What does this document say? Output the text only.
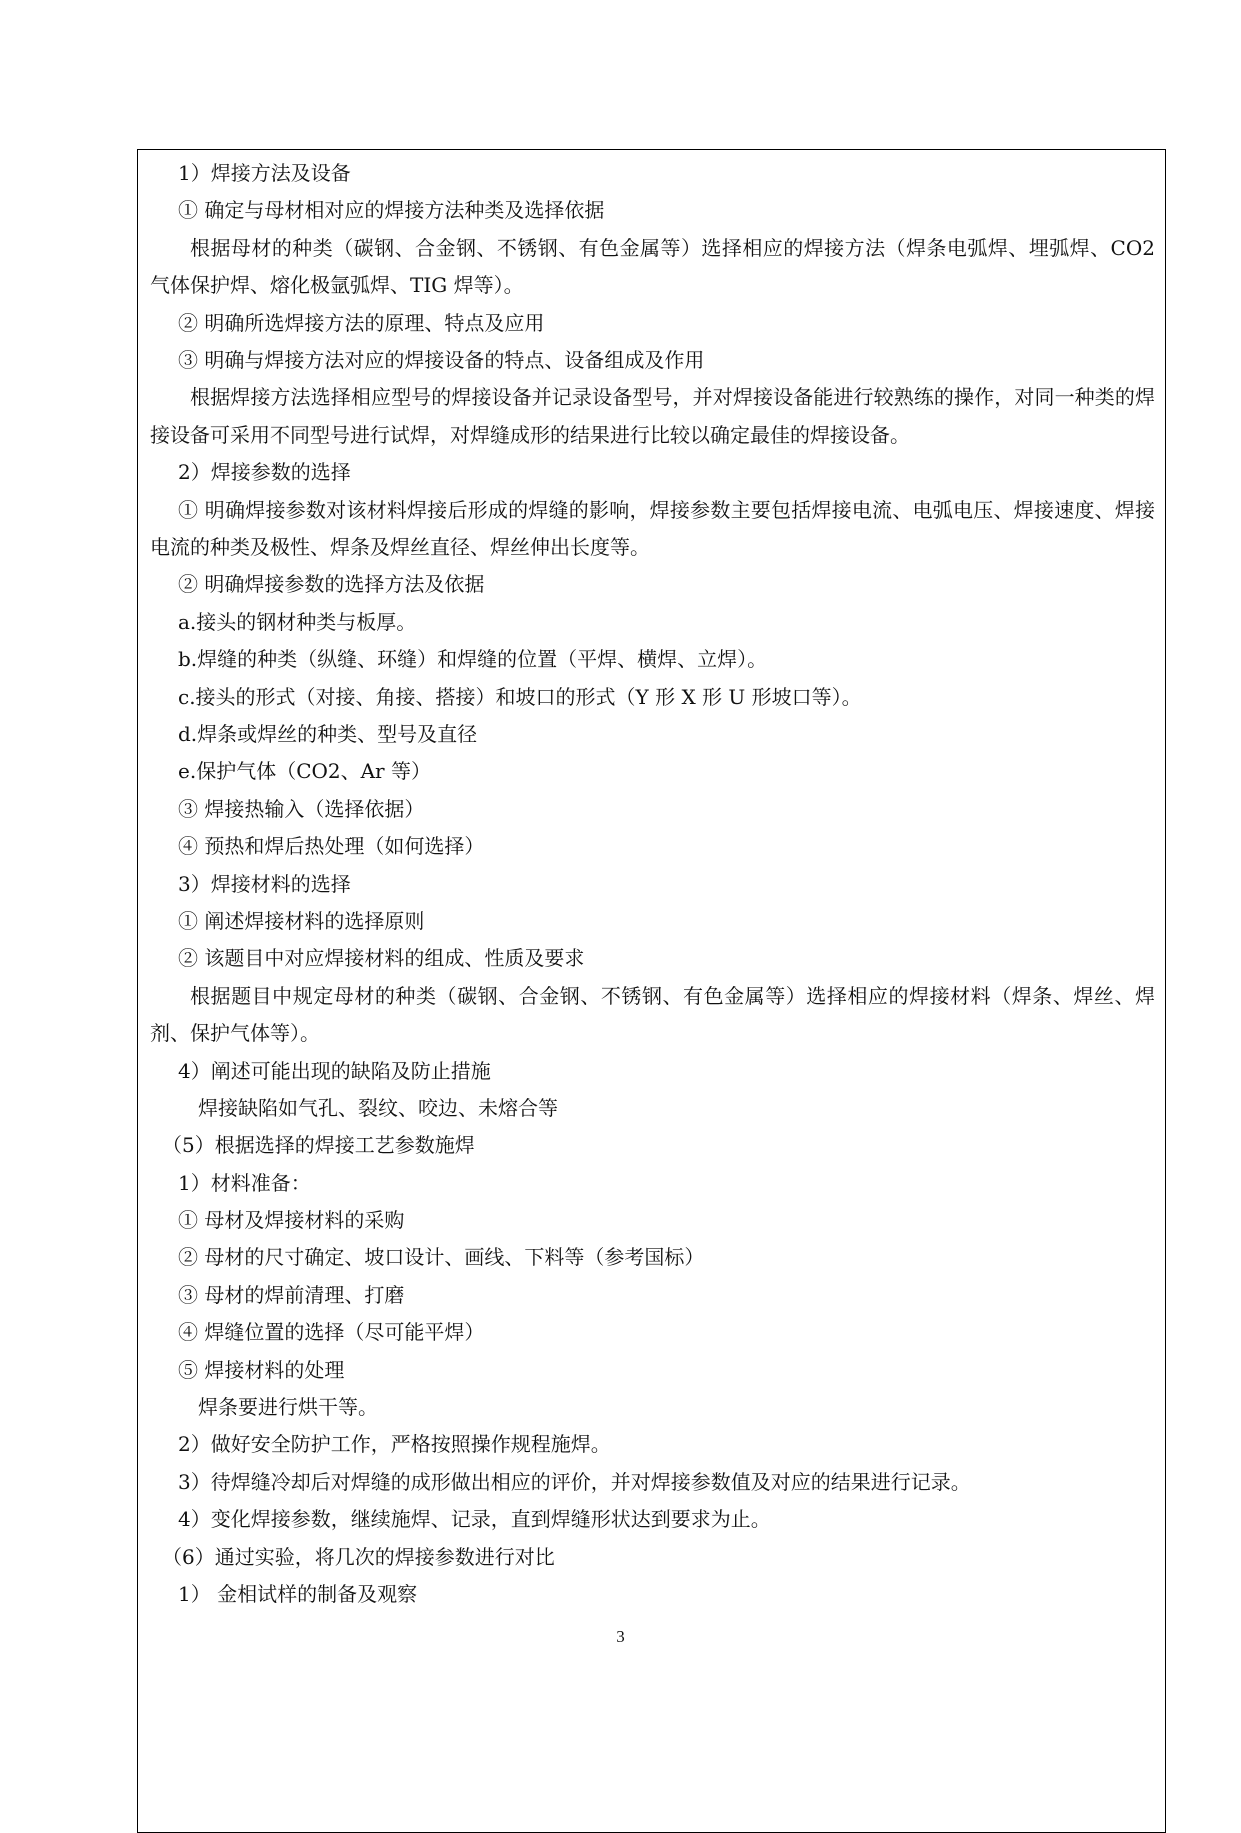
1）焊接方法及设备
① 确定与母材相对应的焊接方法种类及选择依据
根据母材的种类（碳钢、合金钢、不锈钢、有色金属等）选择相应的焊接方法（焊条电弧焊、埋弧焊、CO2 气体保护焊、熔化极氩弧焊、TIG 焊等）。
② 明确所选焊接方法的原理、特点及应用
③ 明确与焊接方法对应的焊接设备的特点、设备组成及作用
根据焊接方法选择相应型号的焊接设备并记录设备型号，并对焊接设备能进行较熟练的操作，对同一种类的焊接设备可采用不同型号进行试焊，对焊缝成形的结果进行比较以确定最佳的焊接设备。
2）焊接参数的选择
① 明确焊接参数对该材料焊接后形成的焊缝的影响，焊接参数主要包括焊接电流、电弧电压、焊接速度、焊接电流的种类及极性、焊条及焊丝直径、焊丝伸出长度等。
② 明确焊接参数的选择方法及依据
a.接头的钢材种类与板厚。
b.焊缝的种类（纵缝、环缝）和焊缝的位置（平焊、横焊、立焊）。
c.接头的形式（对接、角接、搭接）和坡口的形式（Y 形 X 形 U 形坡口等）。
d.焊条或焊丝的种类、型号及直径
e.保护气体（CO2、Ar 等）
③ 焊接热输入（选择依据）
④ 预热和焊后热处理（如何选择）
3）焊接材料的选择
① 阐述焊接材料的选择原则
② 该题目中对应焊接材料的组成、性质及要求
根据题目中规定母材的种类（碳钢、合金钢、不锈钢、有色金属等）选择相应的焊接材料（焊条、焊丝、焊剂、保护气体等）。
4）阐述可能出现的缺陷及防止措施
焊接缺陷如气孔、裂纹、咬边、未熔合等
（5）根据选择的焊接工艺参数施焊
1）材料准备：
① 母材及焊接材料的采购
② 母材的尺寸确定、坡口设计、画线、下料等（参考国标）
③ 母材的焊前清理、打磨
④ 焊缝位置的选择（尽可能平焊）
⑤ 焊接材料的处理
焊条要进行烘干等。
2）做好安全防护工作，严格按照操作规程施焊。
3）待焊缝冷却后对焊缝的成形做出相应的评价，并对焊接参数值及对应的结果进行记录。
4）变化焊接参数，继续施焊、记录，直到焊缝形状达到要求为止。
（6）通过实验，将几次的焊接参数进行对比
1） 金相试样的制备及观察
3
